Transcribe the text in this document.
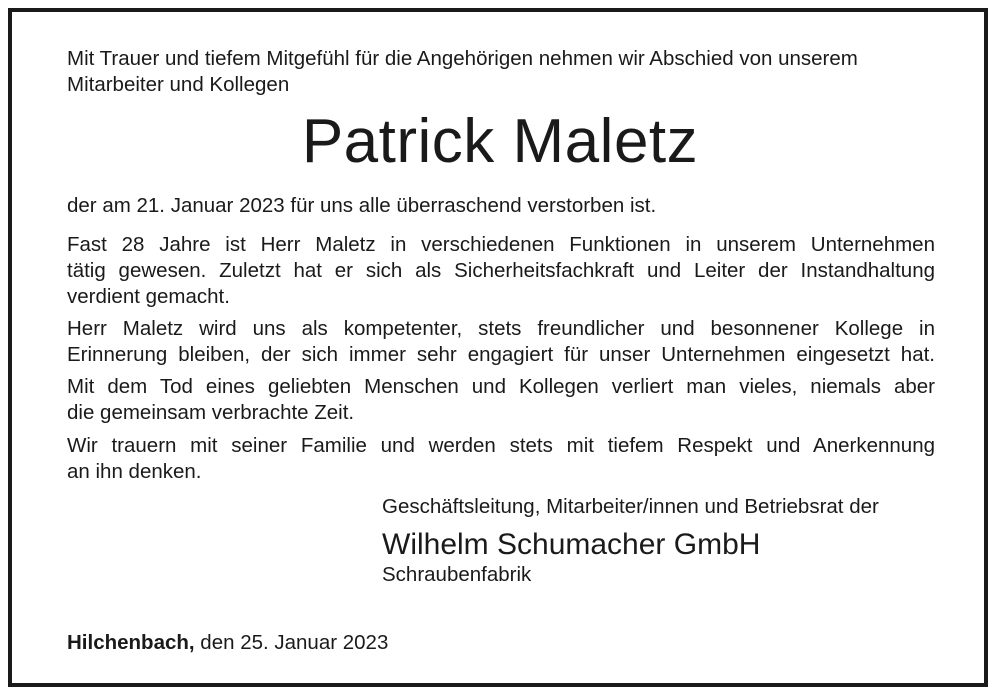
Mit Trauer und tiefem Mitgefühl für die Angehörigen nehmen wir Abschied von unserem
Mitarbeiter und Kollegen
Patrick Maletz
der am 21. Januar 2023 für uns alle überraschend verstorben ist.
Fast 28 Jahre ist Herr Maletz in verschiedenen Funktionen in unserem Unternehmen
tätig gewesen. Zuletzt hat er sich als Sicherheitsfachkraft und Leiter der Instandhaltung
verdient gemacht.
Herr Maletz wird uns als kompetenter, stets freundlicher und besonnener Kollege in
Erinnerung bleiben, der sich immer sehr engagiert für unser Unternehmen eingesetzt hat.
Mit dem Tod eines geliebten Menschen und Kollegen verliert man vieles, niemals aber
die gemeinsam verbrachte Zeit.
Wir trauern mit seiner Familie und werden stets mit tiefem Respekt und Anerkennung
an ihn denken.
Geschäftsleitung, Mitarbeiter/innen und Betriebsrat der
Wilhelm Schumacher GmbH
Schraubenfabrik
Hilchenbach, den 25. Januar 2023
